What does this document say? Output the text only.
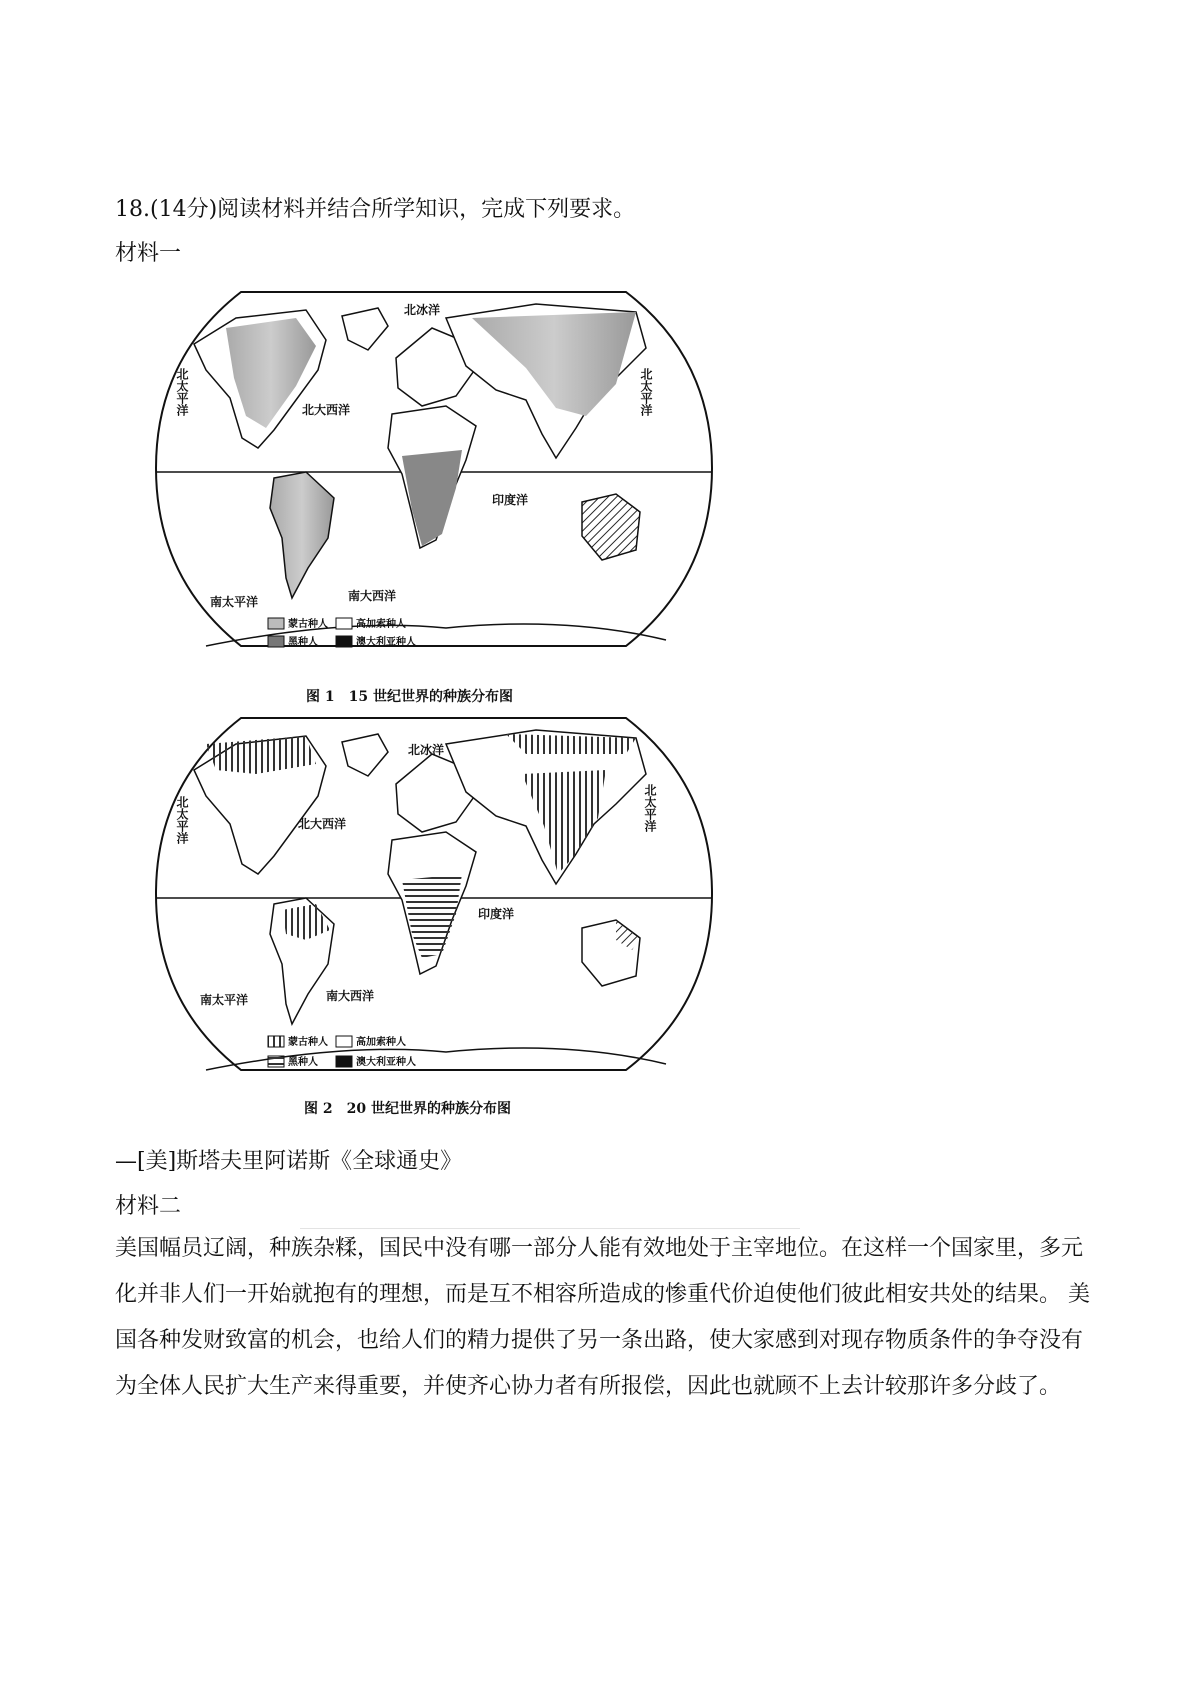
18.(14分)阅读材料并结合所学知识，完成下列要求。
材料一
北冰洋
北太平洋	北太平洋
北大西洋
印度洋
南太平洋	南大西洋
蒙古种人	高加索种人
黑种人	澳大利亚种人
图 1　15 世纪世界的种族分布图
北冰洋
北太平洋	北太平洋
北大西洋
印度洋
南太平洋	南大西洋
蒙古种人	高加索种人
黑种人	澳大利亚种人
图 2　20 世纪世界的种族分布图
—[美]斯塔夫里阿诺斯《全球通史》
材料二
美国幅员辽阔，种族杂糅，国民中没有哪一部分人能有效地处于主宰地位。在这样一个国家里，多元化并非人们一开始就抱有的理想，而是互不相容所造成的惨重代价迫使他们彼此相安共处的结果。 美国各种发财致富的机会，也给人们的精力提供了另一条出路，使大家感到对现存物质条件的争夺没有为全体人民扩大生产来得重要，并使齐心协力者有所报偿，因此也就顾不上去计较那许多分歧了。
